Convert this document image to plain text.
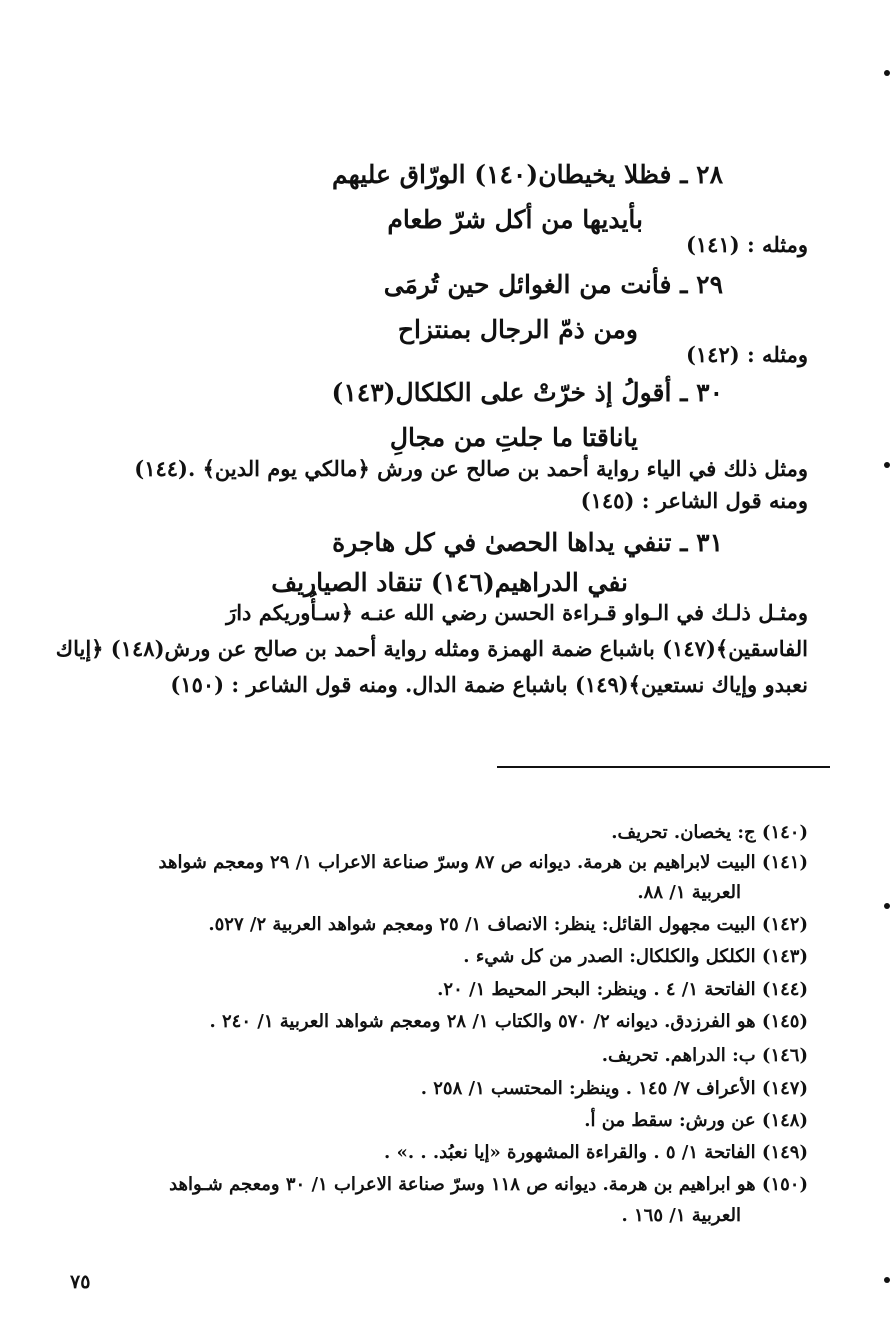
٢٨ ـ فظلا يخيطان(١٤٠) الورّاق عليهم
بأيديها من أكل شرّ طعام
ومثله : (١٤١)
٢٩ ـ فأنت من الغوائل حين تُرمَى
ومن ذمّ الرجال بمنتزاح
ومثله : (١٤٢)
٣٠ ـ أقولُ إذ خرّتْ على الكلكال(١٤٣)
ياناقتا ما جلتِ من مجالِ
ومثل ذلك في الياء رواية أحمد بن صالح عن ورش ﴿مالكي يوم الدين﴾ .(١٤٤)
ومنه قول الشاعر : (١٤٥)
٣١ ـ تنفي يداها الحصىٰ في كل هاجرة
نفي الدراهيم(١٤٦) تنقاد الصياريف
ومثـل ذلـك في الـواو قـراءة الحسن رضي الله عنـه ﴿سـأُوريكم دارَ
الفاسقين﴾(١٤٧) باشباع ضمة الهمزة ومثله رواية أحمد بن صالح عن ورش(١٤٨) ﴿إياك
نعبدو وإياك نستعين﴾(١٤٩) باشباع ضمة الدال. ومنه قول الشاعر : (١٥٠)
(١٤٠) ج: يخصان. تحريف.
(١٤١) البيت لابراهيم بن هرمة. ديوانه ص ٨٧ وسرّ صناعة الاعراب ١/ ٢٩ ومعجم شواهد
العربية ١/ ٨٨.
(١٤٢) البيت مجهول القائل: ينظر: الانصاف ١/ ٢٥ ومعجم شواهد العربية ٢/ ٥٢٧.
(١٤٣) الكلكل والكلكال: الصدر من كل شيء .
(١٤٤) الفاتحة ١/ ٤ . وينظر: البحر المحيط ١/ ٢٠.
(١٤٥) هو الفرزدق. ديوانه ٢/ ٥٧٠ والكتاب ١/ ٢٨ ومعجم شواهد العربية ١/ ٢٤٠ .
(١٤٦) ب: الدراهم. تحريف.
(١٤٧) الأعراف ٧/ ١٤٥ . وينظر: المحتسب ١/ ٢٥٨ .
(١٤٨) عن ورش: سقط من أ.
(١٤٩) الفاتحة ١/ ٥ . والقراءة المشهورة «إيا نعبُد. . .» .
(١٥٠) هو ابراهيم بن هرمة. ديوانه ص ١١٨ وسرّ صناعة الاعراب ١/ ٣٠ ومعجم شـواهد
العربية ١/ ١٦٥ .
٧٥
